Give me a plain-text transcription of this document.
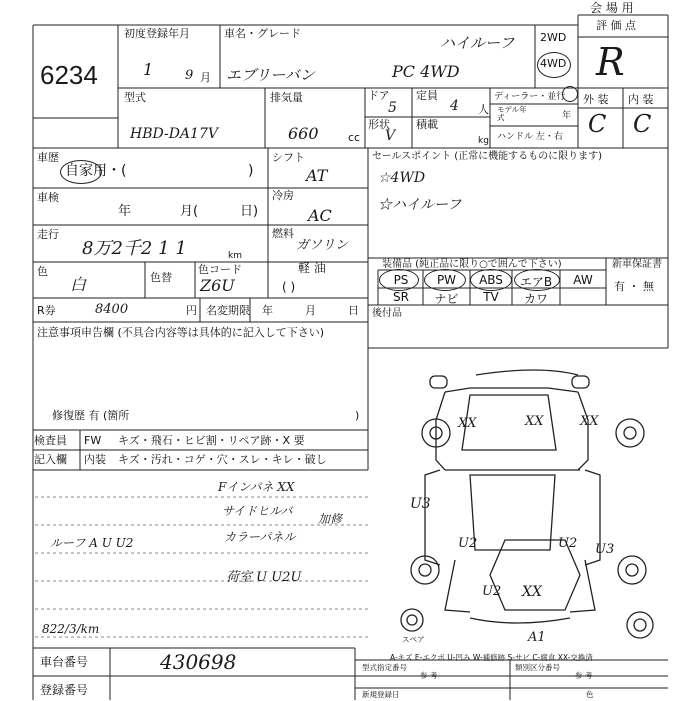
6234
会 場 用
評 価 点
R
外 装 内 装
C C
初度登録年月
1 9 月
車名・グレード
エブリーバン
ハイルーフ
PC 4WD
2WD
4WD
型式
HBD-DA17V
排気量
660	cc
ドア
5
定員
4 人
形状
V
積載
kg
ディーラー・並行
モデル年式	年
ハンドル 左・右
車歴
自家用・(	)
車検
年	月(	日)
走行
8万2千2 1 1	km
色
白	色替
色コード
Z6U
シフト
AT
冷房
AC
燃料
ガソリン
軽 油
( )
R券	8400	円 名変期限 年	月	日
注意事項申告欄 (不具合内容等は具体的に記入して下さい)
修復歴 有 (箇所	)
セールスポイント (正常に機能するものに限ります)
☆4WD
☆ハイルーフ
装備品 (純正品に限り○で囲んで下さい)	新車保証書
有 ・ 無
PS	PW	ABS	エアB	AW
SR	ナビ	TV	カワ
後付品
検査員
記入欄
FW キズ・飛石・ヒビ割・リペア跡・X 要
内装 キズ・汚れ・コゲ・穴・スレ・キレ・破し
Fインパネ XX
サイドヒルバ
カラーパネル
加修
ルーフ A U U2
荷室 U U2U
822/3/km
XX
XX	XX
U3
U2	U2 U3
A1
XX
U2
スペア
A-キズ E-エクボ U-凹み W-補修跡 S-サビ C-腐食 XX-交換済
車台番号	430698
登録番号
型式指定番号	類別区分番号
参 考	参 考
新規登録日	色
